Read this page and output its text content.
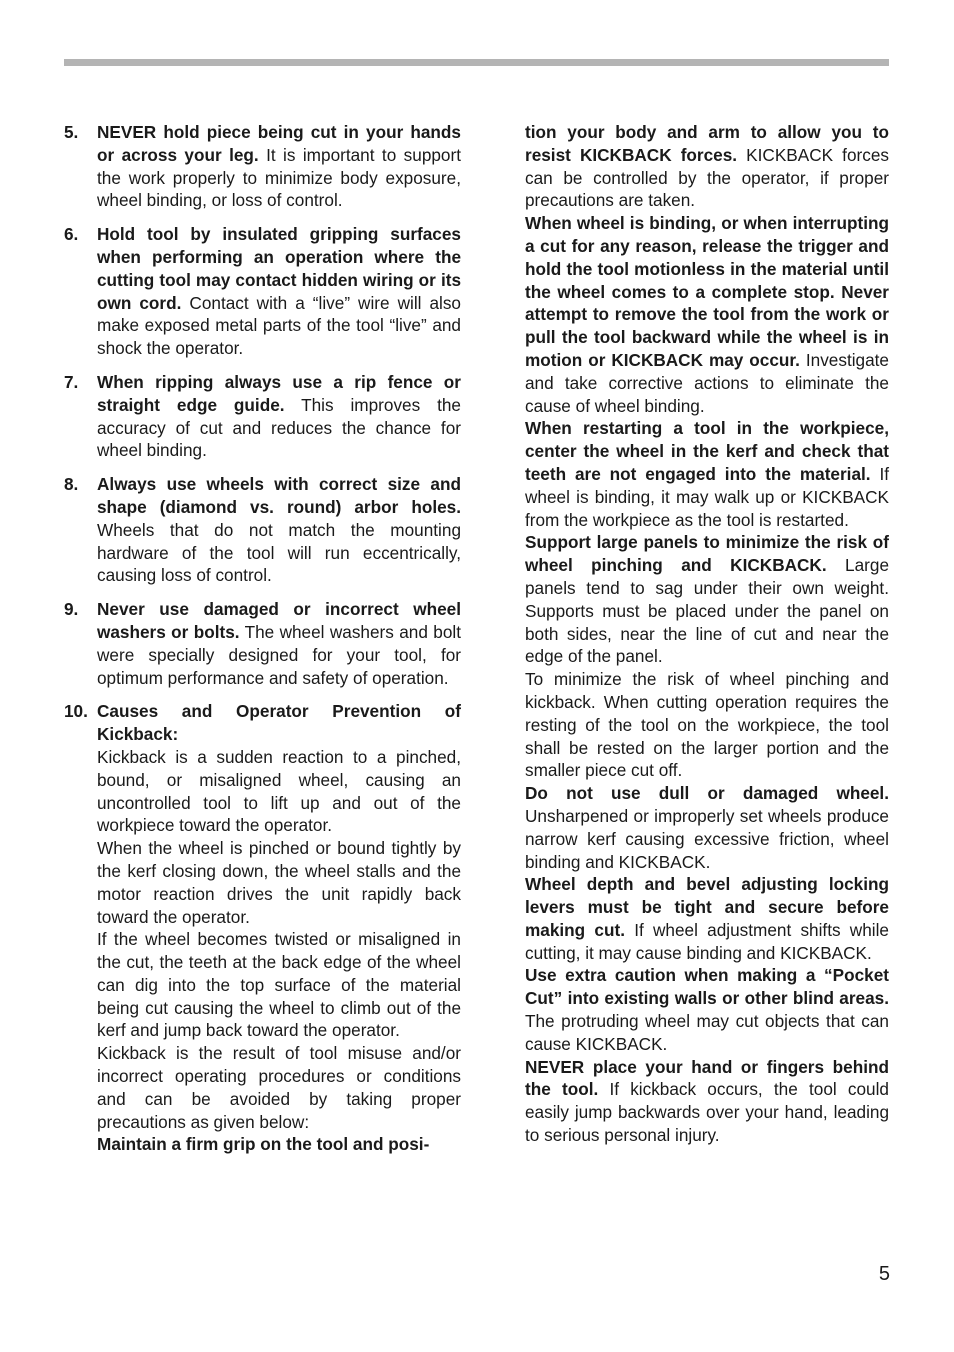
5. NEVER hold piece being cut in your hands or across your leg. It is important to support the work properly to minimize body exposure, wheel binding, or loss of control.

6. Hold tool by insulated gripping surfaces when performing an operation where the cutting tool may contact hidden wiring or its own cord. Contact with a “live” wire will also make exposed metal parts of the tool “live” and shock the operator.

7. When ripping always use a rip fence or straight edge guide. This improves the accuracy of cut and reduces the chance for wheel binding.

8. Always use wheels with correct size and shape (diamond vs. round) arbor holes. Wheels that do not match the mounting hardware of the tool will run eccentrically, causing loss of control.

9. Never use damaged or incorrect wheel washers or bolts. The wheel washers and bolt were specially designed for your tool, for optimum performance and safety of operation.

10. Causes and Operator Prevention of Kickback:

Kickback is a sudden reaction to a pinched, bound, or misaligned wheel, causing an uncontrolled tool to lift up and out of the workpiece toward the operator.

When the wheel is pinched or bound tightly by the kerf closing down, the wheel stalls and the motor reaction drives the unit rapidly back toward the operator.

If the wheel becomes twisted or misaligned in the cut, the teeth at the back edge of the wheel can dig into the top surface of the material being cut causing the wheel to climb out of the kerf and jump back toward the operator.

Kickback is the result of tool misuse and/or incorrect operating procedures or conditions and can be avoided by taking proper precautions as given below:

Maintain a firm grip on the tool and posi-

tion your body and arm to allow you to resist KICKBACK forces. KICKBACK forces can be controlled by the operator, if proper precautions are taken.

When wheel is binding, or when interrupting a cut for any reason, release the trigger and hold the tool motionless in the material until the wheel comes to a complete stop. Never attempt to remove the tool from the work or pull the tool backward while the wheel is in motion or KICKBACK may occur. Investigate and take corrective actions to eliminate the cause of wheel binding.

When restarting a tool in the workpiece, center the wheel in the kerf and check that teeth are not engaged into the material. If wheel is binding, it may walk up or KICKBACK from the workpiece as the tool is restarted.

Support large panels to minimize the risk of wheel pinching and KICKBACK. Large panels tend to sag under their own weight. Supports must be placed under the panel on both sides, near the line of cut and near the edge of the panel.

To minimize the risk of wheel pinching and kickback. When cutting operation requires the resting of the tool on the workpiece, the tool shall be rested on the larger portion and the smaller piece cut off.

Do not use dull or damaged wheel. Unsharpened or improperly set wheels produce narrow kerf causing excessive friction, wheel binding and KICKBACK.

Wheel depth and bevel adjusting locking levers must be tight and secure before making cut. If wheel adjustment shifts while cutting, it may cause binding and KICKBACK.

Use extra caution when making a “Pocket Cut” into existing walls or other blind areas. The protruding wheel may cut objects that can cause KICKBACK.

NEVER place your hand or fingers behind the tool. If kickback occurs, the tool could easily jump backwards over your hand, leading to serious personal injury.

5
